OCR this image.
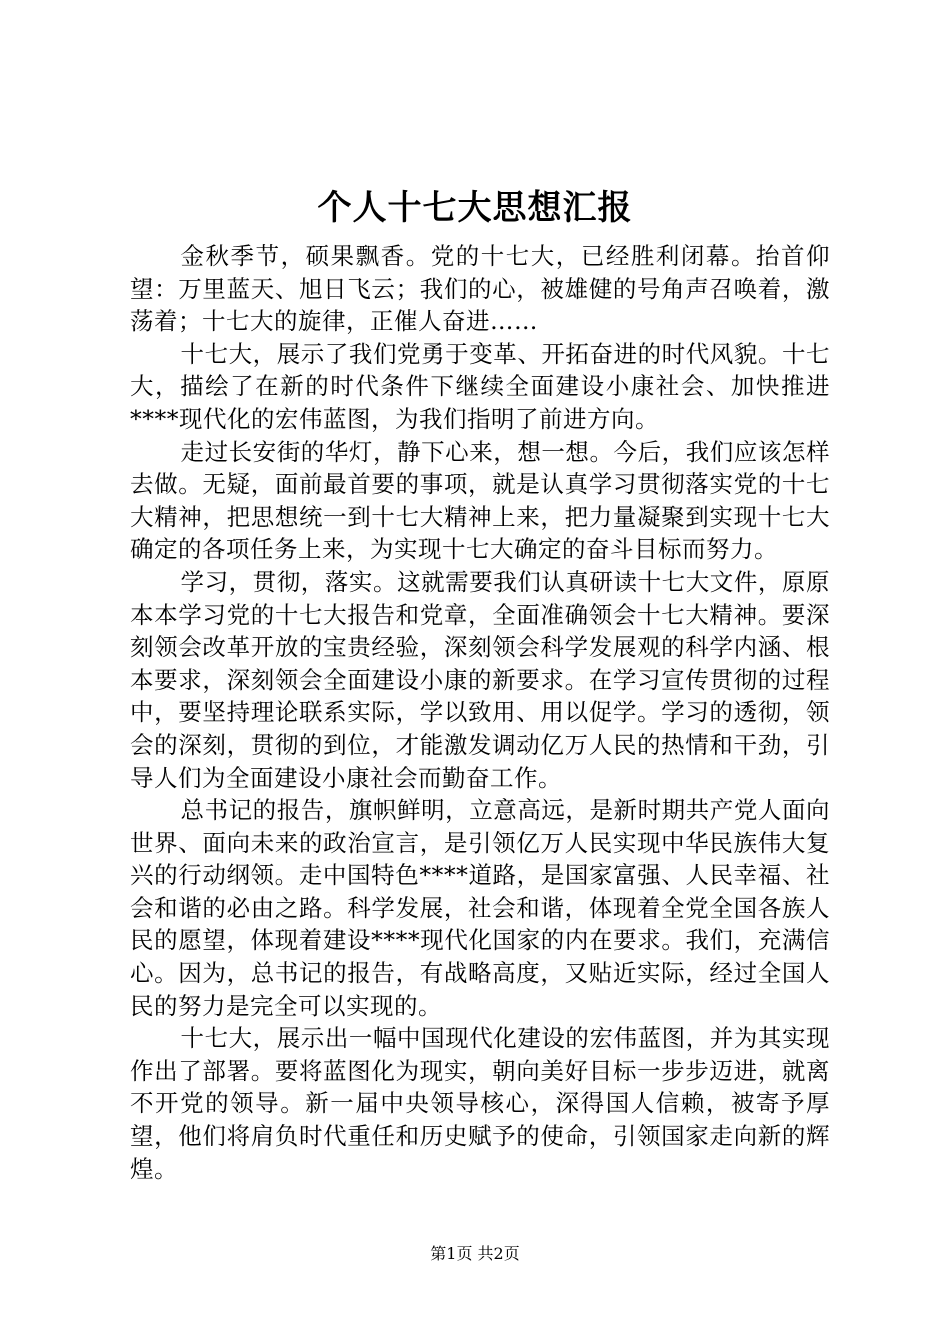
个人十七大思想汇报

金秋季节，硕果飘香。党的十七大，已经胜利闭幕。抬首仰望：万里蓝天、旭日飞云；我们的心，被雄健的号角声召唤着，激荡着；十七大的旋律，正催人奋进……

十七大，展示了我们党勇于变革、开拓奋进的时代风貌。十七大，描绘了在新的时代条件下继续全面建设小康社会、加快推进****现代化的宏伟蓝图，为我们指明了前进方向。

走过长安街的华灯，静下心来，想一想。今后，我们应该怎样去做。无疑，面前最首要的事项，就是认真学习贯彻落实党的十七大精神，把思想统一到十七大精神上来，把力量凝聚到实现十七大确定的各项任务上来，为实现十七大确定的奋斗目标而努力。

学习，贯彻，落实。这就需要我们认真研读十七大文件，原原本本学习党的十七大报告和党章，全面准确领会十七大精神。要深刻领会改革开放的宝贵经验，深刻领会科学发展观的科学内涵、根本要求，深刻领会全面建设小康的新要求。在学习宣传贯彻的过程中，要坚持理论联系实际，学以致用、用以促学。学习的透彻，领会的深刻，贯彻的到位，才能激发调动亿万人民的热情和干劲，引导人们为全面建设小康社会而勤奋工作。

总书记的报告，旗帜鲜明，立意高远，是新时期共产党人面向世界、面向未来的政治宣言，是引领亿万人民实现中华民族伟大复兴的行动纲领。走中国特色****道路，是国家富强、人民幸福、社会和谐的必由之路。科学发展，社会和谐，体现着全党全国各族人民的愿望，体现着建设****现代化国家的内在要求。我们，充满信心。因为，总书记的报告，有战略高度，又贴近实际，经过全国人民的努力是完全可以实现的。

十七大，展示出一幅中国现代化建设的宏伟蓝图，并为其实现作出了部署。要将蓝图化为现实，朝向美好目标一步步迈进，就离不开党的领导。新一届中央领导核心，深得国人信赖，被寄予厚望，他们将肩负时代重任和历史赋予的使命，引领国家走向新的辉煌。

第1页 共2页
